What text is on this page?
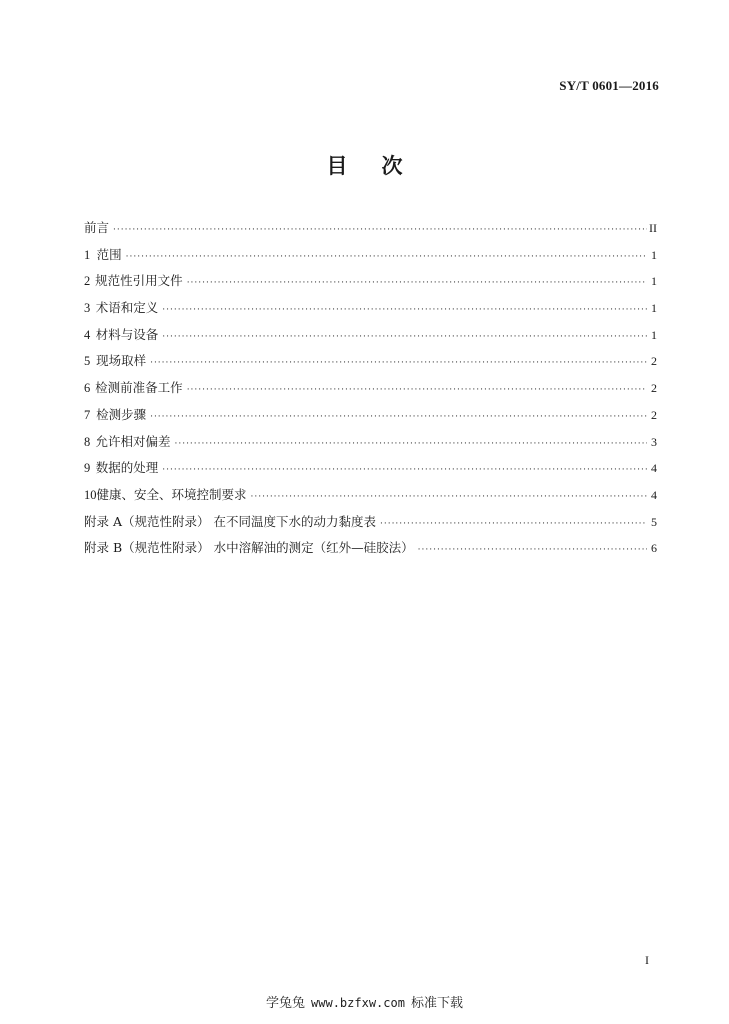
SY/T 0601—2016
目 次
前言 ·····	II
1 范围 ·····	1
2 规范性引用文件 ·····	1
3 术语和定义 ·····	1
4 材料与设备 ·····	1
5 现场取样 ·····	2
6 检测前准备工作 ·····	2
7 检测步骤 ·····	2
8 允许相对偏差 ·····	3
9 数据的处理 ·····	4
10 健康、安全、环境控制要求 ·····	4
附录 A（规范性附录） 在不同温度下水的动力黏度表 ·····	5
附录 B（规范性附录） 水中溶解油的测定（红外—硅胶法） ·····	6
I
学兔兔 www.bzfxw.com 标准下载
